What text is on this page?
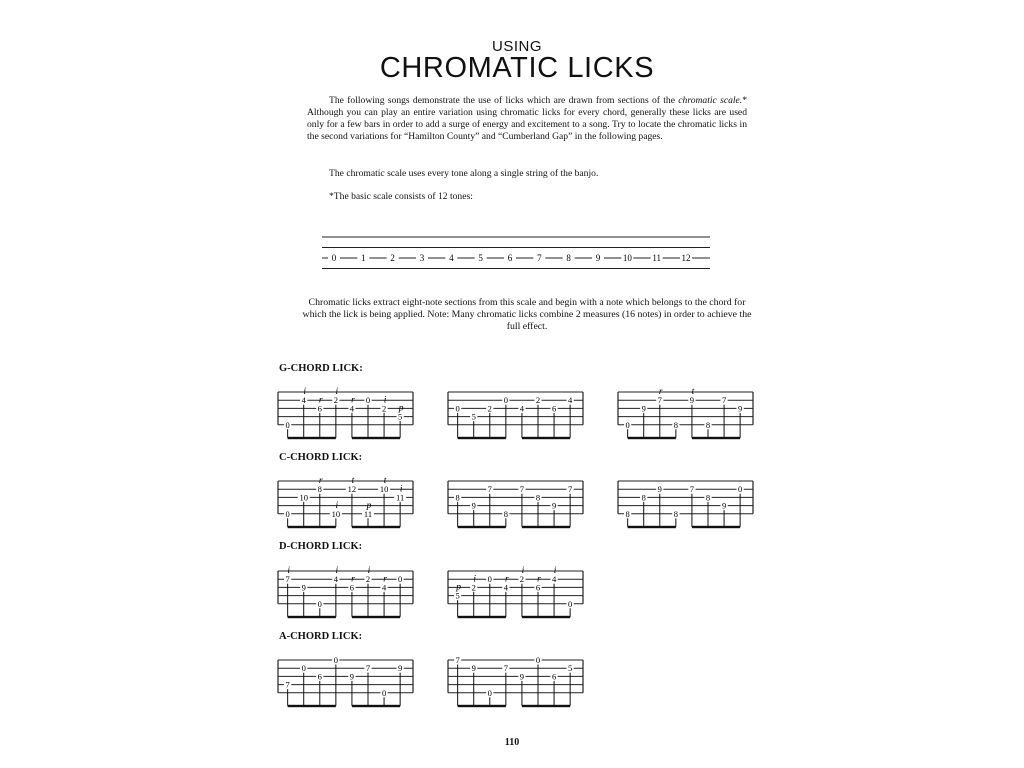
USING
CHROMATIC LICKS
The following songs demonstrate the use of licks which are drawn from sections of the chromatic scale.* Although you can play an entire variation using chromatic licks for every chord, generally these licks are used only for a few bars in order to add a surge of energy and excitement to a song. Try to locate the chromatic licks in the second variations for “Hamilton County” and “Cumberland Gap” in the following pages.
The chromatic scale uses every tone along a single string of the banjo.
*The basic scale consists of 12 tones:
Chromatic licks extract eight-note sections from this scale and begin with a note which belongs to the chord for which the lick is being applied. Note: Many chromatic licks combine 2 measures (16 notes) in order to achieve the full effect.
G-CHORD LICK:
C-CHORD LICK:
D-CHORD LICK:
A-CHORD LICK:
0	1	2	3	4	5	6	7	8	9	10 11 12
0
4
i
6
r 2
i
4
r 0
2
i
5
p	0
5
2
0
4
2
6
4
0
9
7
r
8
9
t
8
7
9
0
10
8
r
10
i
12
t
11
p
10
t
11
i
8
9
7
8
7
8
9
7
8
8
9
8
7
8
9
0
7
i
9
0
4
i
6
r 2
i
4
r 0
5
p 2
i 0
4
r 2
i
6
r 4
i
0
7
0
6
0
9
7
0
9
7
9
0
7
9
0
6
5
110
